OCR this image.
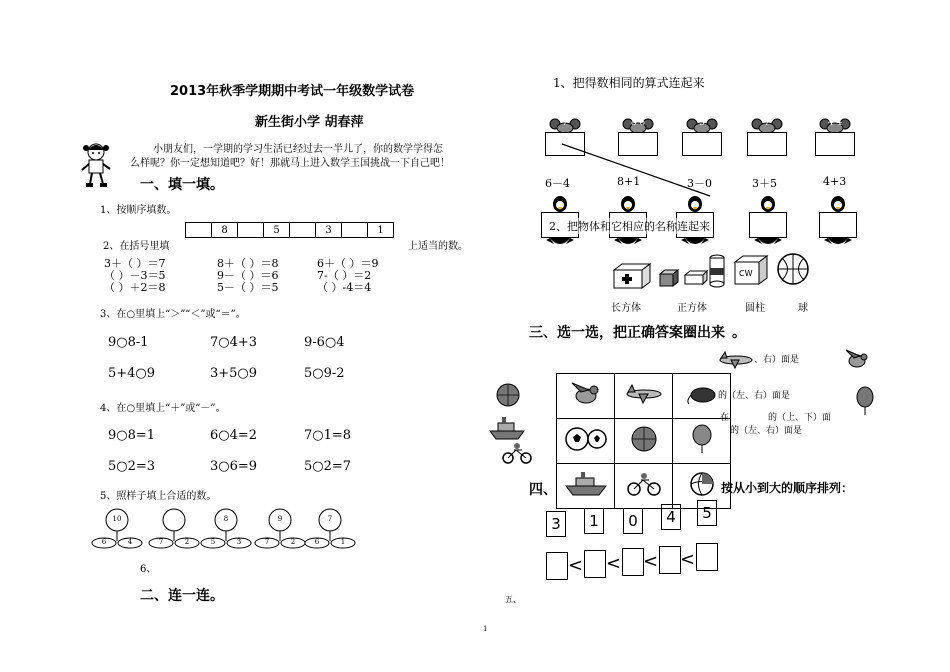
2013年秋季学期期中考试一年级数学试卷
新生街小学 胡春萍
小朋友们，一学期的学习生活已经过去一半儿了，你的数学学得怎
么样呢？你一定想知道吧？好！那就马上进入数学王国挑战一下自己吧！
一、填一填。
1、按顺序填数。
	8		5		3		1
2、在括号里填	上适当的数。
3＋（ ）＝7	8＋（ ）＝8	6＋（ ）＝9
（ ）－3＝5	9－（ ）＝6	7-（ ）＝2
（ ）＋2＝8	5－（ ）＝5	（ ）-4＝4
3、在○里填上“＞”“＜”或“＝”。
9○8-1	7○4+3	9-6○4
5+4○9	3+5○9	5○9-2
4、在○里填上“＋”或“－”。
9○8=1	6○4=2	7○1=8
5○2=3	3○6=9	5○2=7
5、照样子填上合适的数。
10
6	4	7	2
8
5	3
9
7	2
7
6	1
6、
二、连一连。
1、把得数相同的算式连起来
7	8 6	5	7	4 4
6－4	8+1	3－0	3＋5	4+3
2、把物体和它相应的名称连起来
CW
长方体	正方体	圆柱	球
三、选一选，把正确答案圈出来 。
、右）面是
的（左、右）面是
在	的（上、下）面
的（左、右）面是

四、	按从小到大的顺序排列：
3	1	0	4	5
< < < <
五、
1
